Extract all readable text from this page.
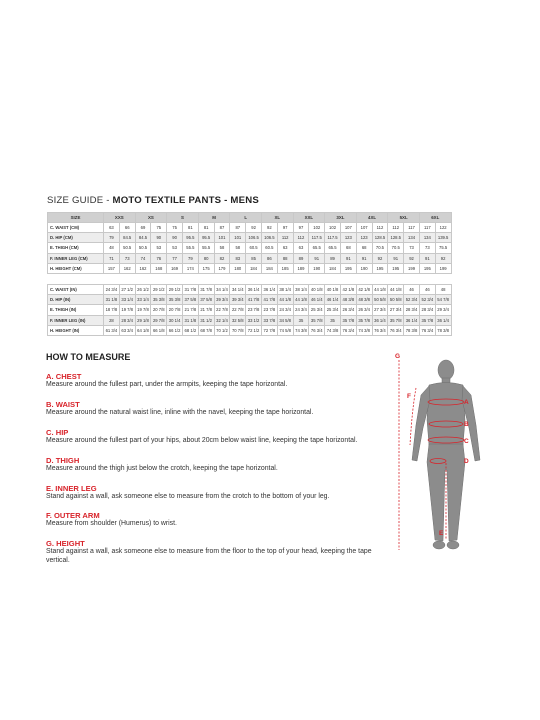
SIZE GUIDE - MOTO TEXTILE PANTS - MENS
SIZE	XXS		XS		S		M		L		XL		XXL		3XL		4XL		5XL		6XL	
C. WAIST (CM)	63	66	69	75	75	81	81	87	87	92	92	97	97	102	102	107	107	112	112	117	117	122
D. HIP (CM)	79	84.5	84.5	90	90	95.5	95.5	101	101	106.5	106.5	112	112	117.5	117.5	123	123	128.5	128.5	134	134	139.5
E. THIGH (CM)	48	50.5	50.5	53	53	55.5	55.5	58	58	60.5	60.5	63	63	65.5	65.5	68	68	70.5	70.5	73	73	75.5
F. INNER LEG (CM)	71	73	74	76	77	79	80	82	83	85	86	88	89	91	89	91	91	92	91	92	91	92
H. HEIGHT (CM)	157	162	162	168	169	174	175	179	180	184	184	185	189	190	184	195	190	195	195	199	195	199
C. WAIST (IN)	24 3/4	27 1/2	26 1/2	29 1/2	29 1/2	31 7/8	31 7/8	34 1/4	34 1/4	36 1/4	36 1/4	38 1/4	38 1/4	40 1/8	40 1/8	42 1/8	42 1/8	44 1/8	44 1/8	46	46	48
D. HIP (IN)	31 1/8	33 1/4	33 1/4	35 3/8	35 3/8	37 5/8	37 5/8	39 3/4	39 3/4	41 7/8	41 7/8	44 1/8	44 1/8	46 1/4	46 1/4	48 3/8	48 3/8	50 5/8	50 5/8	52 3/4	52 3/4	54 7/8
E. THIGH (IN)	18 7/8	19 7/8	19 7/8	20 7/8	20 7/8	21 7/8	21 7/8	22 7/8	22 7/8	23 7/8	23 7/8	24 3/4	24 3/4	25 3/4	25 3/4	26 3/4	26 3/4	27 3/4	27 3/4	28 3/4	28 3/4	29 3/4
F. INNER LEG (IN)	28	28 3/4	29 1/8	29 7/8	30 1/4	31 1/8	31 1/2	32 1/4	32 5/8	33 1/2	33 7/8	34 5/8	35	35 7/8	35	35 7/8	35 7/8	36 1/4	35 7/8	36 1/4	35 7/8	36 1/4
H. HEIGHT (IN)	61 3/4	63 3/4	64 1/8	66 1/8	66 1/2	68 1/2	68 7/8	70 1/2	70 7/8	72 1/2	72 7/8	74 5/8	74 3/8	76 3/4	74 3/8	76 3/4	74 3/8	76 3/4	76 3/4	78 3/8	76 3/4	78 3/8
HOW TO MEASURE
A. CHEST
Measure around the fullest part, under the armpits, keeping the tape horizontal.
B. WAIST
Measure around the natural waist line, inline with the navel, keeping the tape horizontal.
C. HIP
Measure around the fullest part of your hips, about 20cm below waist line, keeping the tape horizontal.
D. THIGH
Measure around the thigh just below the crotch, keeping the tape horizontal.
E. INNER LEG
Stand against a wall, ask someone else to measure from the crotch to the bottom of your leg.
F. OUTER ARM
Measure from shoulder (Humerus) to wrist.
G. HEIGHT
Stand against a wall, ask someone else to measure from the floor to the top of your head, keeping the tape vertical.
G
F
A
B
C
D
E
